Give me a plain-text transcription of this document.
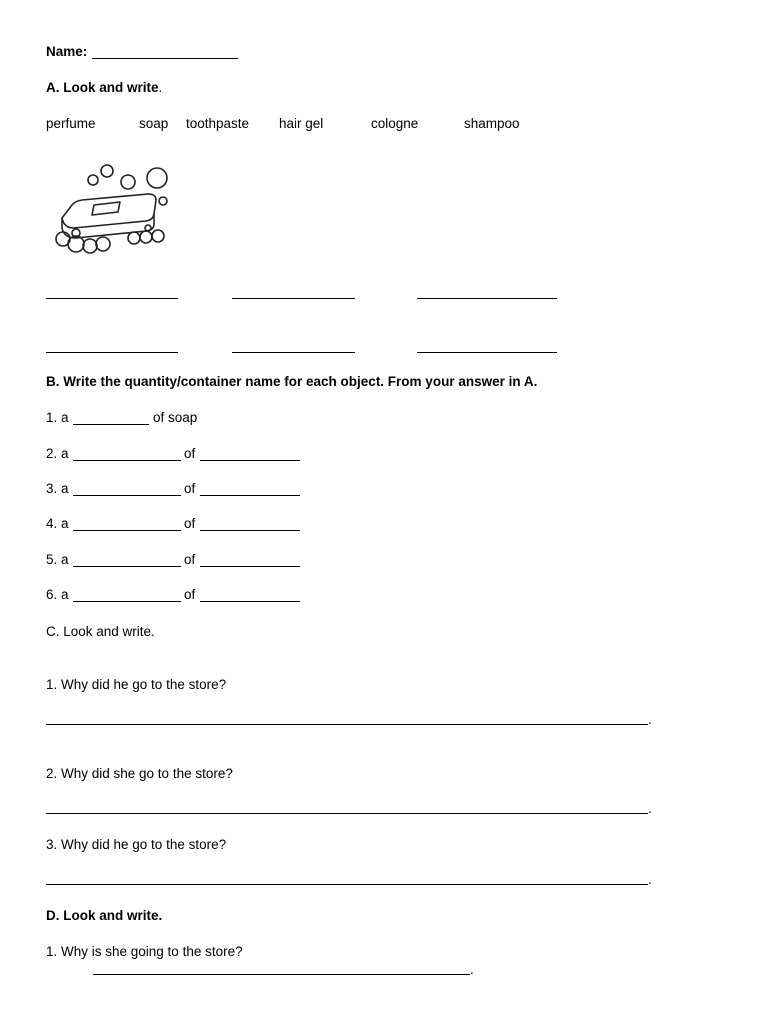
Name:
A. Look and write.
perfume	soap toothpaste hair gel	cologne	shampoo
B. Write the quantity/container name for each object. From your answer in A.
1. a	of soap
2. a	of
3. a	of
4. a	of
5. a	of
6. a	of
C. Look and write.
1. Why did he go to the store?
.
2. Why did she go to the store?
.
3. Why did he go to the store?
.
D. Look and write.
1. Why is she going to the store?
.
